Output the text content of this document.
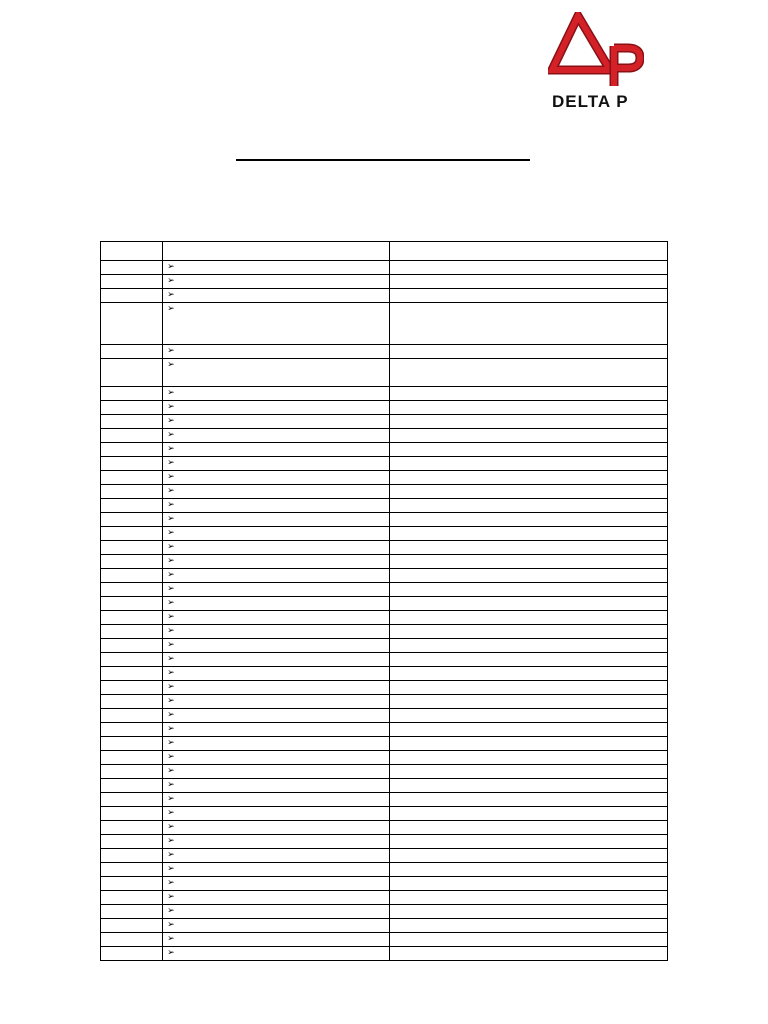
DELTA P

	➢	
	➢	
	➢	
	➢	
	➢	
	➢	
	➢	
	➢	
	➢	
	➢	
	➢	
	➢	
	➢	
	➢	
	➢	
	➢	
	➢	
	➢	
	➢	
	➢	
	➢	
	➢	
	➢	
	➢	
	➢	
	➢	
	➢	
	➢	
	➢	
	➢	
	➢	
	➢	
	➢	
	➢	
	➢	
	➢	
	➢	
	➢	
	➢	
	➢	
	➢	
	➢	
	➢	
	➢	
	➢	
	➢	
	➢	
